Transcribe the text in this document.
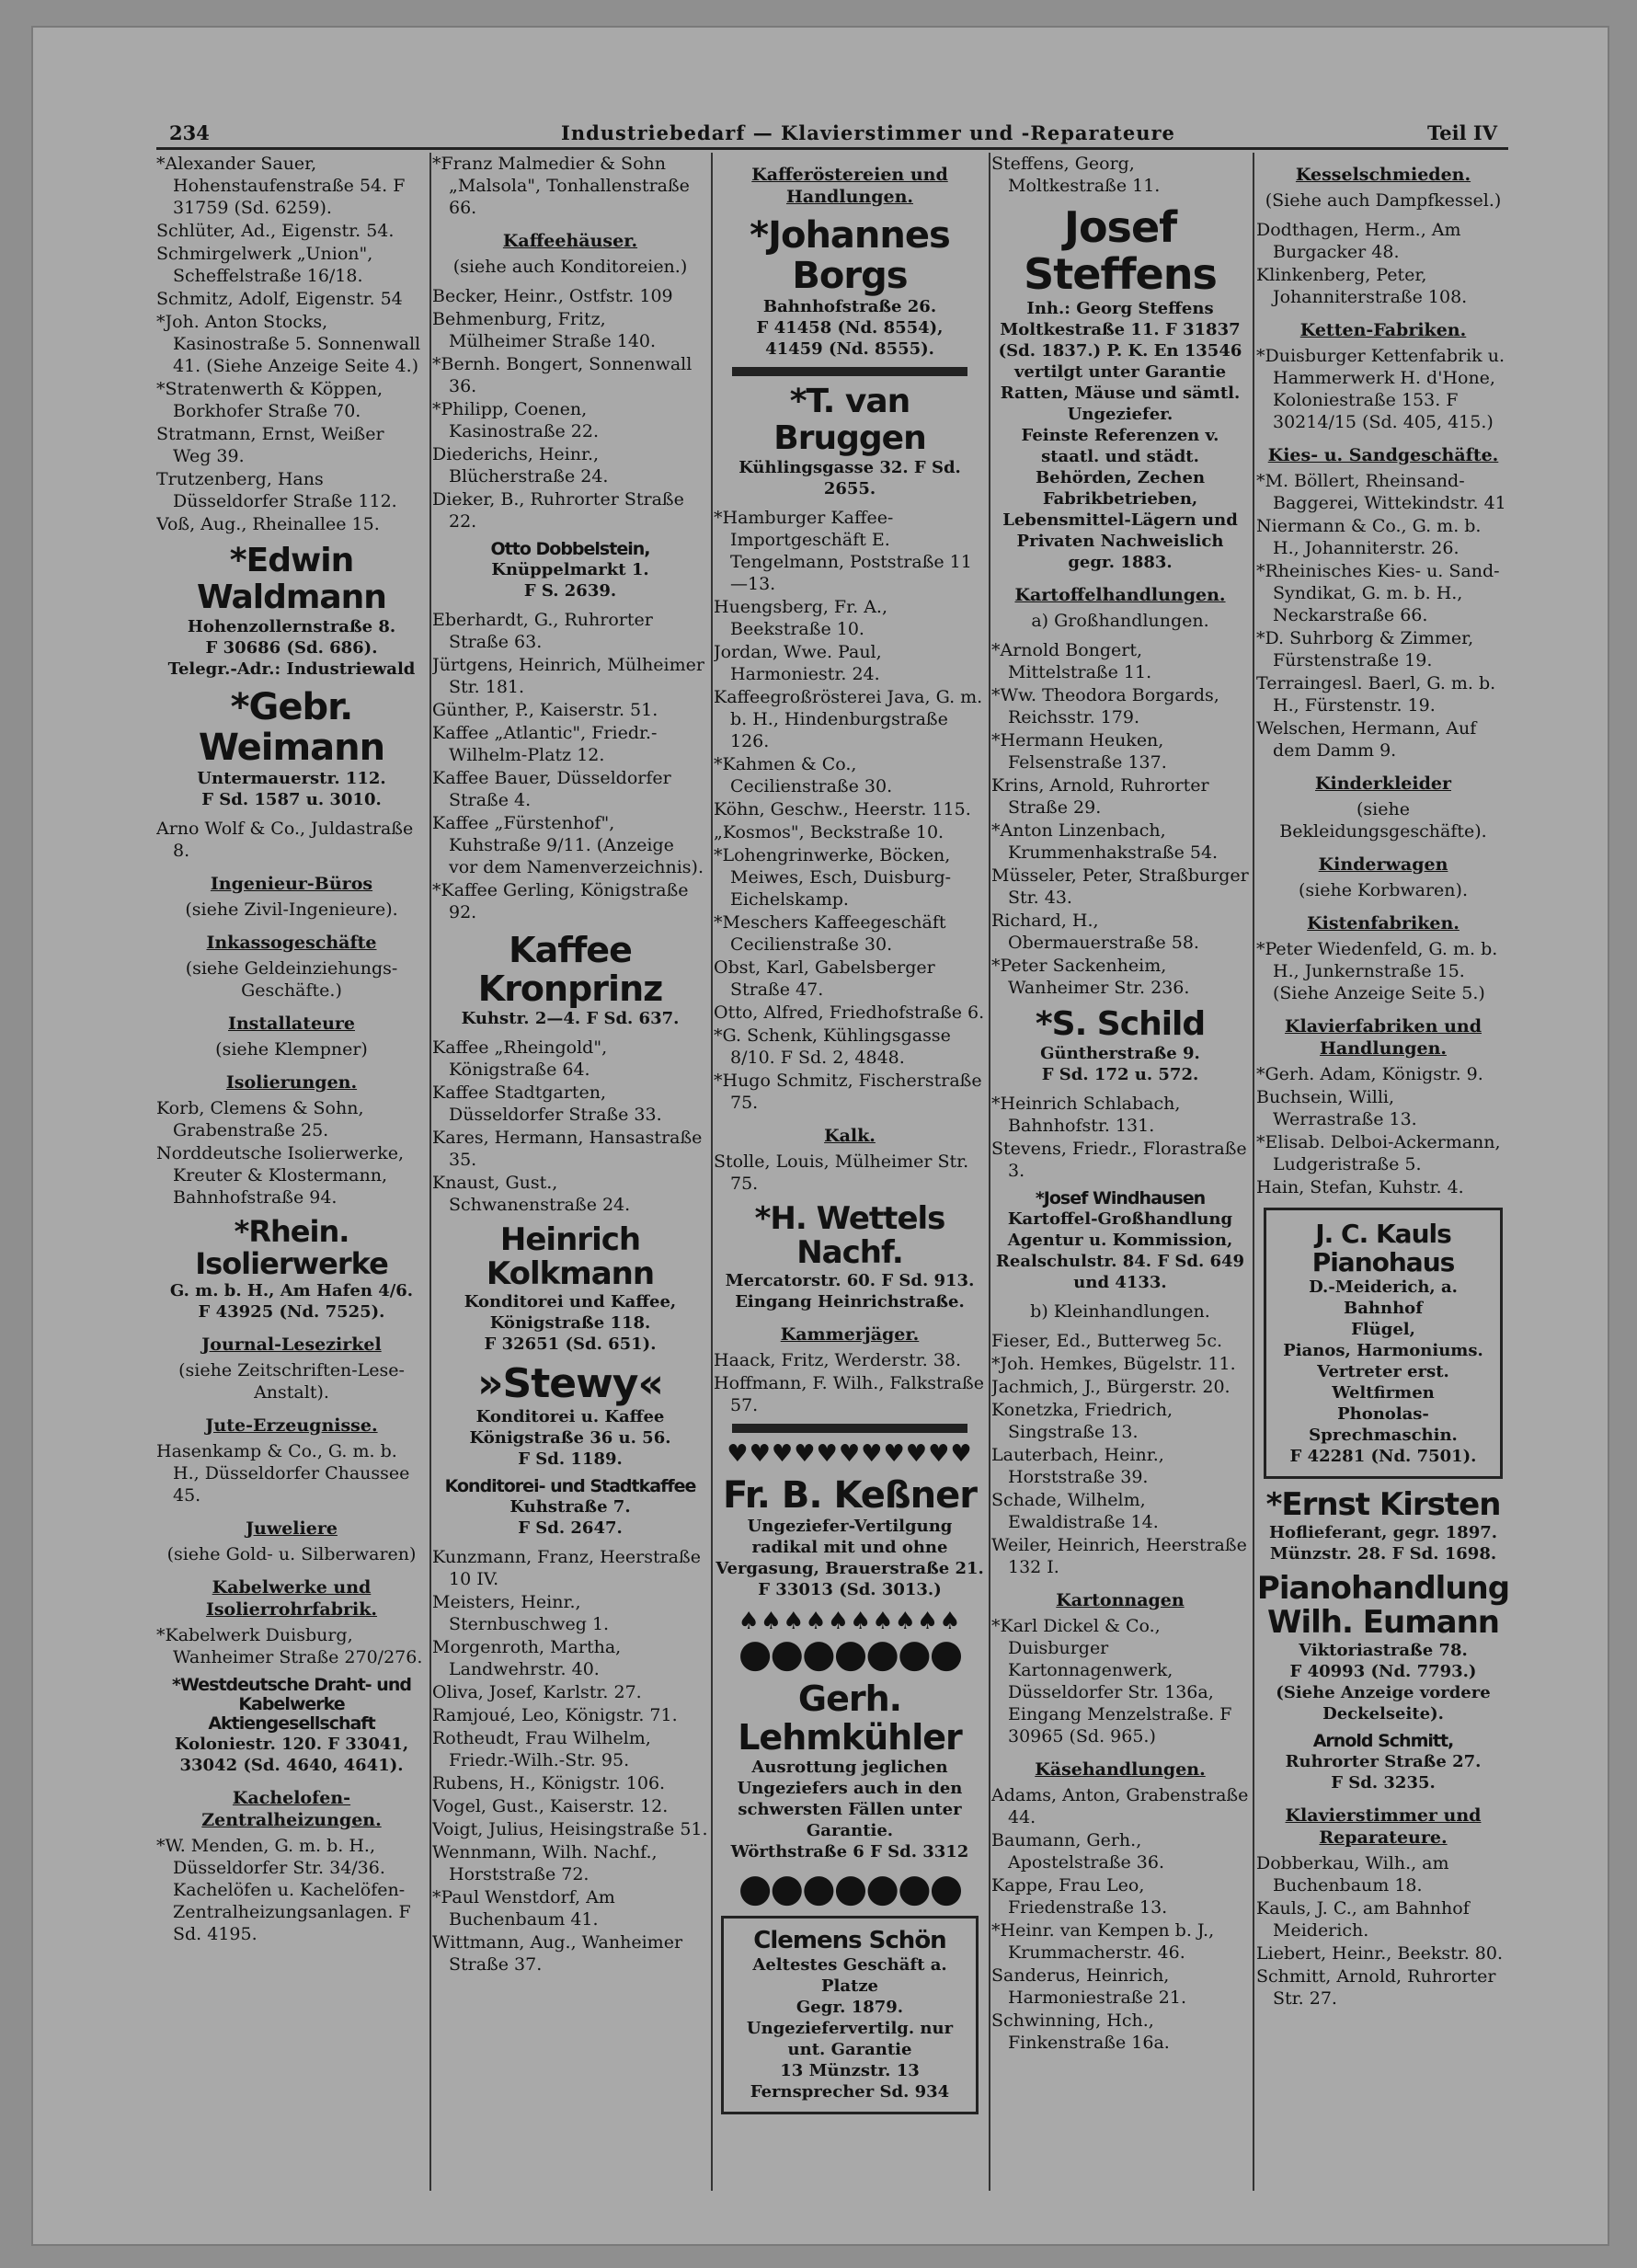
234	Industriebedarf — Klavierstimmer und -Reparateure	Teil IV
*Alexander Sauer, Hohenstaufenstraße 54. F 31759 (Sd. 6259).
Schlüter, Ad., Eigenstr. 54.
Schmirgelwerk „Union", Scheffelstraße 16/18.
Schmitz, Adolf, Eigenstr. 54
*Joh. Anton Stocks, Kasinostraße 5. Sonnenwall 41. (Siehe Anzeige Seite 4.)
*Stratenwerth & Köppen, Borkhofer Straße 70.
Stratmann, Ernst, Weißer Weg 39.
Trutzenberg, Hans Düsseldorfer Straße 112.
Voß, Aug., Rheinallee 15.
*Edwin Waldmann
Hohenzollernstraße 8.
F 30686 (Sd. 686).
Telegr.-Adr.: Industriewald
*Gebr. Weimann
Untermauerstr. 112.
F Sd. 1587 u. 3010.
Arno Wolf & Co., Juldastraße 8.
Ingenieur-Büros
(siehe Zivil-Ingenieure).
Inkassogeschäfte
(siehe Geldeinziehungs-Geschäfte.)
Installateure
(siehe Klempner)
Isolierungen.
Korb, Clemens & Sohn, Grabenstraße 25.
Norddeutsche Isolierwerke, Kreuter & Klostermann, Bahnhofstraße 94.
*Rhein. Isolierwerke
G. m. b. H., Am Hafen 4/6.
F 43925 (Nd. 7525).
Journal-Lesezirkel
(siehe Zeitschriften-Lese-Anstalt).
Jute-Erzeugnisse.
Hasenkamp & Co., G. m. b. H., Düsseldorfer Chaussee 45.
Juweliere
(siehe Gold- u. Silberwaren)
Kabelwerke und Isolierrohrfabrik.
*Kabelwerk Duisburg, Wanheimer Straße 270/276.
*Westdeutsche Draht- und Kabelwerke Aktiengesellschaft
Koloniestr. 120. F 33041, 33042 (Sd. 4640, 4641).
Kachelofen-Zentralheizungen.
*W. Menden, G. m. b. H., Düsseldorfer Str. 34/36. Kachelöfen u. Kachelöfen-Zentralheizungsanlagen. F Sd. 4195.
*Franz Malmedier & Sohn „Malsola", Tonhallenstraße 66.
Kaffeehäuser.
(siehe auch Konditoreien.)
Becker, Heinr., Ostfstr. 109
Behmenburg, Fritz, Mülheimer Straße 140.
*Bernh. Bongert, Sonnenwall 36.
*Philipp, Coenen, Kasinostraße 22.
Diederichs, Heinr., Blücherstraße 24.
Dieker, B., Ruhrorter Straße 22.
Otto Dobbelstein,
Knüppelmarkt 1.
F S. 2639.
Eberhardt, G., Ruhrorter Straße 63.
Jürtgens, Heinrich, Mülheimer Str. 181.
Günther, P., Kaiserstr. 51.
Kaffee „Atlantic", Friedr.-Wilhelm-Platz 12.
Kaffee Bauer, Düsseldorfer Straße 4.
Kaffee „Fürstenhof", Kuhstraße 9/11. (Anzeige vor dem Namenverzeichnis).
*Kaffee Gerling, Königstraße 92.
Kaffee Kronprinz
Kuhstr. 2—4. F Sd. 637.
Kaffee „Rheingold", Königstraße 64.
Kaffee Stadtgarten, Düsseldorfer Straße 33.
Kares, Hermann, Hansastraße 35.
Knaust, Gust., Schwanenstraße 24.
Heinrich Kolkmann
Konditorei und Kaffee,
Königstraße 118.
F 32651 (Sd. 651).
»Stewy«
Konditorei u. Kaffee
Königstraße 36 u. 56.
F Sd. 1189.
Konditorei- und Stadtkaffee
Kuhstraße 7.
F Sd. 2647.
Kunzmann, Franz, Heerstraße 10 IV.
Meisters, Heinr., Sternbuschweg 1.
Morgenroth, Martha, Landwehrstr. 40.
Oliva, Josef, Karlstr. 27.
Ramjoué, Leo, Königstr. 71.
Rotheudt, Frau Wilhelm, Friedr.-Wilh.-Str. 95.
Rubens, H., Königstr. 106.
Vogel, Gust., Kaiserstr. 12.
Voigt, Julius, Heisingstraße 51.
Wennmann, Wilh. Nachf., Horststraße 72.
*Paul Wenstdorf, Am Buchenbaum 41.
Wittmann, Aug., Wanheimer Straße 37.
Kafferöstereien und Handlungen.
*Johannes Borgs
Bahnhofstraße 26.
F 41458 (Nd. 8554),
41459 (Nd. 8555).
*T. van Bruggen
Kühlingsgasse 32. F Sd. 2655.
*Hamburger Kaffee-Importgeschäft E. Tengelmann, Poststraße 11—13.
Huengsberg, Fr. A., Beekstraße 10.
Jordan, Wwe. Paul, Harmoniestr. 24.
Kaffeegroßrösterei Java, G. m. b. H., Hindenburgstraße 126.
*Kahmen & Co., Cecilienstraße 30.
Köhn, Geschw., Heerstr. 115.
„Kosmos", Beckstraße 10.
*Lohengrinwerke, Böcken, Meiwes, Esch, Duisburg-Eichelskamp.
*Meschers Kaffeegeschäft Cecilienstraße 30.
Obst, Karl, Gabelsberger Straße 47.
Otto, Alfred, Friedhofstraße 6.
*G. Schenk, Kühlingsgasse 8/10. F Sd. 2, 4848.
*Hugo Schmitz, Fischerstraße 75.
Kalk.
Stolle, Louis, Mülheimer Str. 75.
*H. Wettels Nachf.
Mercatorstr. 60. F Sd. 913.
Eingang Heinrichstraße.
Kammerjäger.
Haack, Fritz, Werderstr. 38.
Hoffmann, F. Wilh., Falkstraße 57.
♥♥♥♥♥♥♥♥♥♥♥
Fr. B. Keßner
Ungeziefer-Vertilgung
radikal mit und ohne Vergasung, Brauerstraße 21.
F 33013 (Sd. 3013.)
♠♠♠♠♠♠♠♠♠♠
●●●●●●●
Gerh. Lehmkühler
Ausrottung jeglichen Ungeziefers auch in den schwersten Fällen unter Garantie.
Wörthstraße 6 F Sd. 3312
●●●●●●●
Clemens Schön
Aeltestes Geschäft a. Platze
Gegr. 1879. Ungeziefervertilg. nur unt. Garantie
13 Münzstr. 13
Fernsprecher Sd. 934
Steffens, Georg, Moltkestraße 11.
Josef Steffens
Inh.: Georg Steffens
Moltkestraße 11. F 31837 (Sd. 1837.) P. K. En 13546 vertilgt unter Garantie Ratten, Mäuse und sämtl. Ungeziefer.
Feinste Referenzen v. staatl. und städt. Behörden, Zechen Fabrikbetrieben, Lebensmittel-Lägern und Privaten Nachweislich gegr. 1883.
Kartoffelhandlungen.
a) Großhandlungen.
*Arnold Bongert, Mittelstraße 11.
*Ww. Theodora Borgards, Reichsstr. 179.
*Hermann Heuken, Felsenstraße 137.
Krins, Arnold, Ruhrorter Straße 29.
*Anton Linzenbach, Krummenhakstraße 54.
Müsseler, Peter, Straßburger Str. 43.
Richard, H., Obermauerstraße 58.
*Peter Sackenheim, Wanheimer Str. 236.
*S. Schild
Güntherstraße 9.
F Sd. 172 u. 572.
*Heinrich Schlabach, Bahnhofstr. 131.
Stevens, Friedr., Florastraße 3.
*Josef Windhausen
Kartoffel-Großhandlung
Agentur u. Kommission,
Realschulstr. 84. F Sd. 649 und 4133.
b) Kleinhandlungen.
Fieser, Ed., Butterweg 5c.
*Joh. Hemkes, Bügelstr. 11.
Jachmich, J., Bürgerstr. 20.
Konetzka, Friedrich, Singstraße 13.
Lauterbach, Heinr., Horststraße 39.
Schade, Wilhelm, Ewaldistraße 14.
Weiler, Heinrich, Heerstraße 132 I.
Kartonnagen
*Karl Dickel & Co., Duisburger Kartonnagenwerk, Düsseldorfer Str. 136a, Eingang Menzelstraße. F 30965 (Sd. 965.)
Käsehandlungen.
Adams, Anton, Grabenstraße 44.
Baumann, Gerh., Apostelstraße 36.
Kappe, Frau Leo, Friedenstraße 13.
*Heinr. van Kempen b. J., Krummacherstr. 46.
Sanderus, Heinrich, Harmoniestraße 21.
Schwinning, Hch., Finkenstraße 16a.
Kesselschmieden.
(Siehe auch Dampfkessel.)
Dodthagen, Herm., Am Burgacker 48.
Klinkenberg, Peter, Johanniterstraße 108.
Ketten-Fabriken.
*Duisburger Kettenfabrik u. Hammerwerk H. d'Hone, Koloniestraße 153. F 30214/15 (Sd. 405, 415.)
Kies- u. Sandgeschäfte.
*M. Böllert, Rheinsand-Baggerei, Wittekindstr. 41
Niermann & Co., G. m. b. H., Johanniterstr. 26.
*Rheinisches Kies- u. Sand-Syndikat, G. m. b. H., Neckarstraße 66.
*D. Suhrborg & Zimmer, Fürstenstraße 19.
Terraingesl. Baerl, G. m. b. H., Fürstenstr. 19.
Welschen, Hermann, Auf dem Damm 9.
Kinderkleider
(siehe Bekleidungsgeschäfte).
Kinderwagen
(siehe Korbwaren).
Kistenfabriken.
*Peter Wiedenfeld, G. m. b. H., Junkernstraße 15. (Siehe Anzeige Seite 5.)
Klavierfabriken und Handlungen.
*Gerh. Adam, Königstr. 9.
Buchsein, Willi, Werrastraße 13.
*Elisab. Delboi-Ackermann, Ludgeristraße 5.
Hain, Stefan, Kuhstr. 4.
J. C. Kauls Pianohaus
D.-Meiderich, a. Bahnhof
Flügel,
Pianos, Harmoniums.
Vertreter erst. Weltfirmen
Phonolas-Sprechmaschin.
F 42281 (Nd. 7501).
*Ernst Kirsten
Hoflieferant, gegr. 1897.
Münzstr. 28. F Sd. 1698.
Pianohandlung Wilh. Eumann
Viktoriastraße 78.
F 40993 (Nd. 7793.)
(Siehe Anzeige vordere Deckelseite).
Arnold Schmitt,
Ruhrorter Straße 27.
F Sd. 3235.
Klavierstimmer und Reparateure.
Dobberkau, Wilh., am Buchenbaum 18.
Kauls, J. C., am Bahnhof Meiderich.
Liebert, Heinr., Beekstr. 80.
Schmitt, Arnold, Ruhrorter Str. 27.
